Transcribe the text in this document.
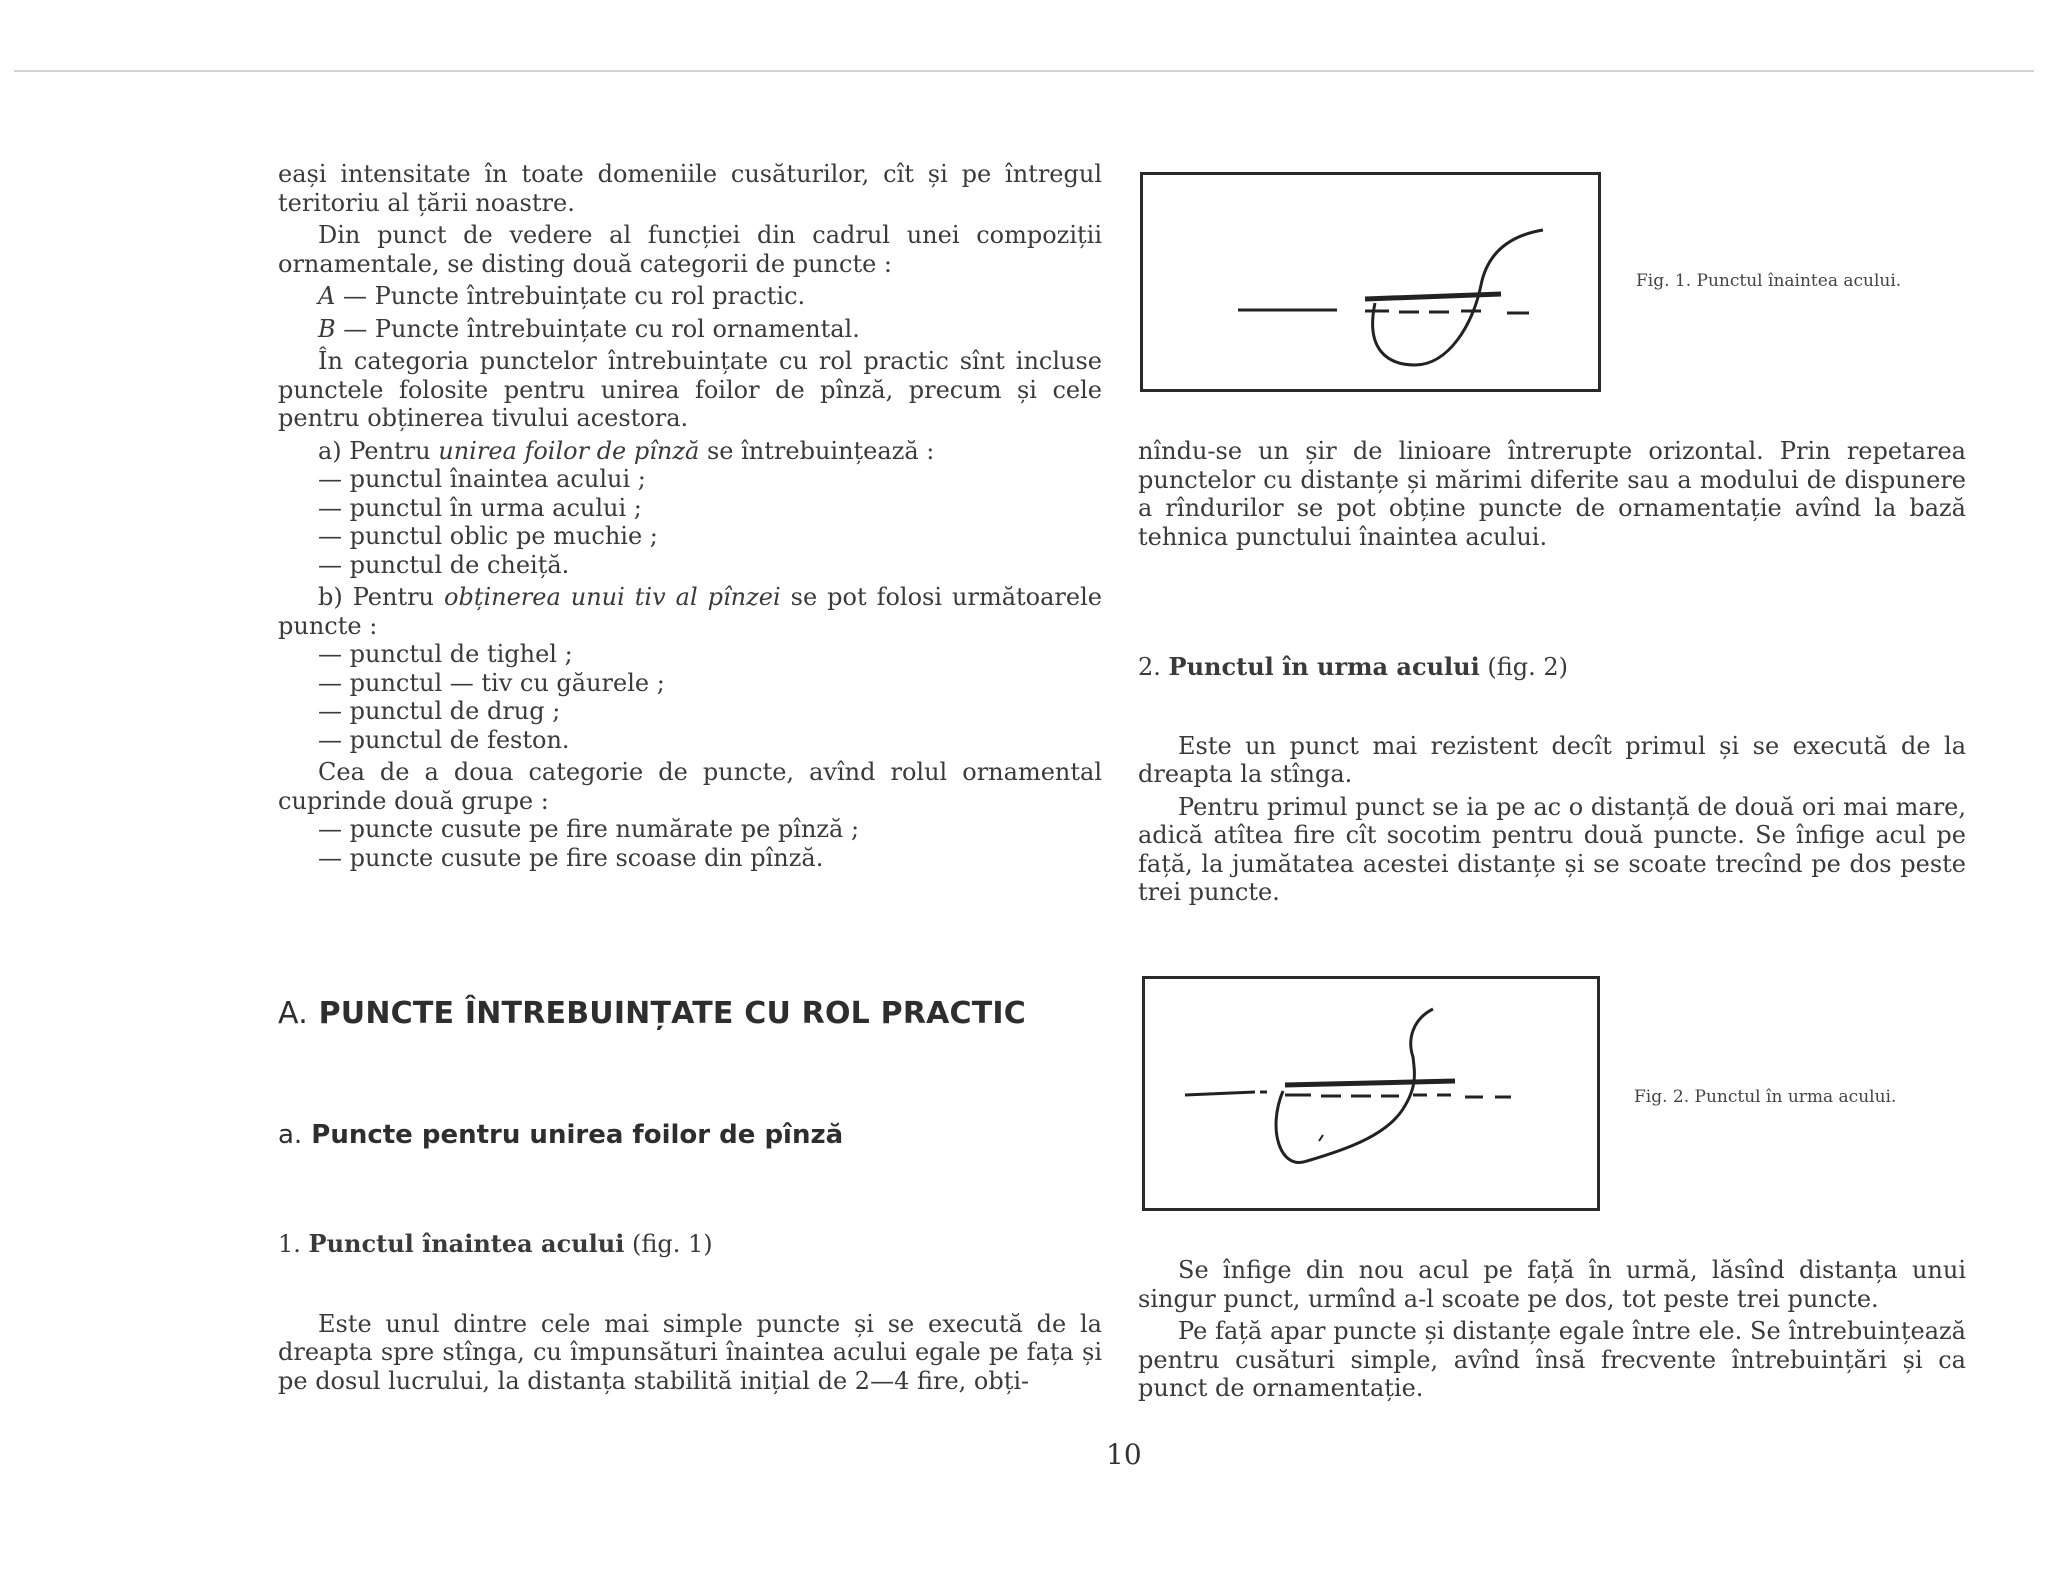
eași intensitate în toate domeniile cusăturilor, cît și pe întregul teritoriu al țării noastre.

Din punct de vedere al funcției din cadrul unei compoziții ornamentale, se disting două categorii de puncte :

A — Puncte întrebuințate cu rol practic.

B — Puncte întrebuințate cu rol ornamental.

În categoria punctelor întrebuințate cu rol practic sînt incluse punctele folosite pentru unirea foilor de pînză, precum și cele pentru obținerea tivului acestora.

a) Pentru unirea foilor de pînză se întrebuințează :

— punctul înaintea acului ;

— punctul în urma acului ;

— punctul oblic pe muchie ;

— punctul de cheiță.

b) Pentru obținerea unui tiv al pînzei se pot folosi următoarele puncte :

— punctul de tighel ;

— punctul — tiv cu găurele ;

— punctul de drug ;

— punctul de feston.

Cea de a doua categorie de puncte, avînd rolul ornamental cuprinde două grupe :

— puncte cusute pe fire numărate pe pînză ;

— puncte cusute pe fire scoase din pînză.

A. PUNCTE ÎNTREBUINȚATE CU ROL PRACTIC
a. Puncte pentru unirea foilor de pînză

1. Punctul înaintea acului (fig. 1)

Este unul dintre cele mai simple puncte și se execută de la dreapta spre stînga, cu împunsături înaintea acului egale pe fața și pe dosul lucrului, la distanța stabilită inițial de 2—4 fire, obți-

Fig. 1. Punctul înaintea acului.

nîndu-se un șir de linioare întrerupte orizontal. Prin repetarea punctelor cu distanțe și mărimi diferite sau a modului de dispunere a rîndurilor se pot obține puncte de ornamentație avînd la bază tehnica punctului înaintea acului.

2. Punctul în urma acului (fig. 2)

Este un punct mai rezistent decît primul și se execută de la dreapta la stînga.

Pentru primul punct se ia pe ac o distanță de două ori mai mare, adică atîtea fire cît socotim pentru două puncte. Se înfige acul pe față, la jumătatea acestei distanțe și se scoate trecînd pe dos peste trei puncte.

Fig. 2. Punctul în urma acului.

Se înfige din nou acul pe față în urmă, lăsînd distanța unui singur punct, urmînd a-l scoate pe dos, tot peste trei puncte.

Pe față apar puncte și distanțe egale între ele. Se întrebuințează pentru cusături simple, avînd însă frecvente întrebuințări și ca punct de ornamentație.

10
